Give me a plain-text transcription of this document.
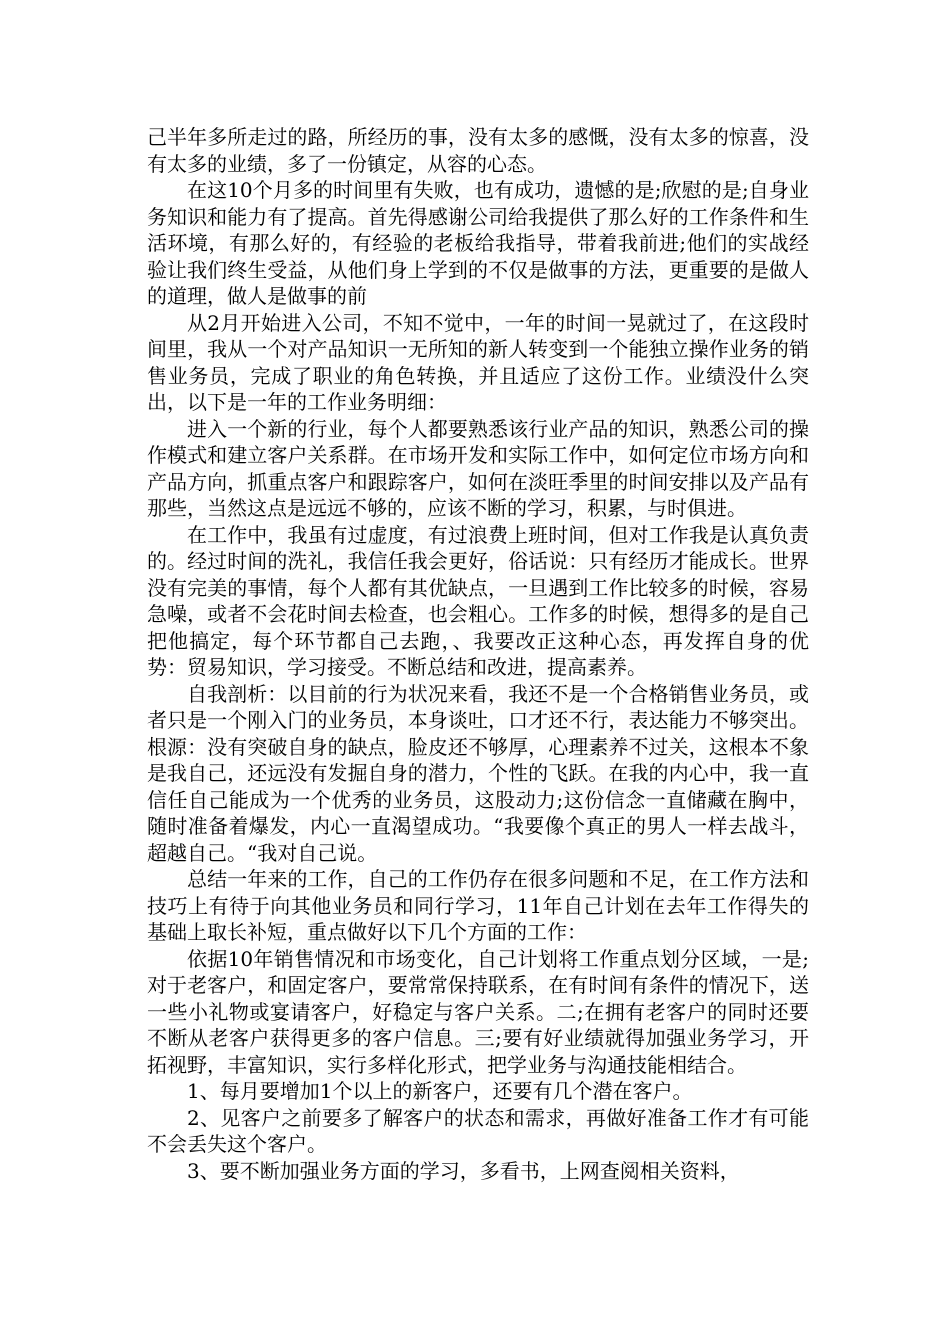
己半年多所走过的路，所经历的事，没有太多的感慨，没有太多的惊喜，没有太多的业绩，多了一份镇定，从容的心态。

在这10个月多的时间里有失败，也有成功，遗憾的是;欣慰的是;自身业务知识和能力有了提高。首先得感谢公司给我提供了那么好的工作条件和生活环境，有那么好的，有经验的老板给我指导，带着我前进;他们的实战经验让我们终生受益，从他们身上学到的不仅是做事的方法，更重要的是做人的道理，做人是做事的前

从2月开始进入公司，不知不觉中，一年的时间一晃就过了，在这段时间里，我从一个对产品知识一无所知的新人转变到一个能独立操作业务的销售业务员，完成了职业的角色转换，并且适应了这份工作。业绩没什么突出，以下是一年的工作业务明细：

进入一个新的行业，每个人都要熟悉该行业产品的知识，熟悉公司的操作模式和建立客户关系群。在市场开发和实际工作中，如何定位市场方向和产品方向，抓重点客户和跟踪客户，如何在淡旺季里的时间安排以及产品有那些，当然这点是远远不够的，应该不断的学习，积累，与时俱进。

在工作中，我虽有过虚度，有过浪费上班时间，但对工作我是认真负责的。经过时间的洗礼，我信任我会更好，俗话说：只有经历才能成长。世界没有完美的事情，每个人都有其优缺点，一旦遇到工作比较多的时候，容易急噪，或者不会花时间去检查，也会粗心。工作多的时候，想得多的是自己把他搞定，每个环节都自己去跑，、我要改正这种心态，再发挥自身的优势：贸易知识，学习接受。不断总结和改进，提高素养。

自我剖析：以目前的行为状况来看，我还不是一个合格销售业务员，或者只是一个刚入门的业务员，本身谈吐，口才还不行，表达能力不够突出。根源：没有突破自身的缺点，脸皮还不够厚，心理素养不过关，这根本不象是我自己，还远没有发掘自身的潜力，个性的飞跃。在我的内心中，我一直信任自己能成为一个优秀的业务员，这股动力;这份信念一直储藏在胸中，随时准备着爆发，内心一直渴望成功。“我要像个真正的男人一样去战斗，超越自己。“我对自己说。

总结一年来的工作，自己的工作仍存在很多问题和不足，在工作方法和技巧上有待于向其他业务员和同行学习，11年自己计划在去年工作得失的基础上取长补短，重点做好以下几个方面的工作：

依据10年销售情况和市场变化，自己计划将工作重点划分区域，一是;对于老客户，和固定客户，要常常保持联系，在有时间有条件的情况下，送一些小礼物或宴请客户，好稳定与客户关系。二;在拥有老客户的同时还要不断从老客户获得更多的客户信息。三;要有好业绩就得加强业务学习，开拓视野，丰富知识，实行多样化形式，把学业务与沟通技能相结合。

1、每月要增加1个以上的新客户，还要有几个潜在客户。

2、见客户之前要多了解客户的状态和需求，再做好准备工作才有可能不会丢失这个客户。

3、要不断加强业务方面的学习，多看书，上网查阅相关资料，
